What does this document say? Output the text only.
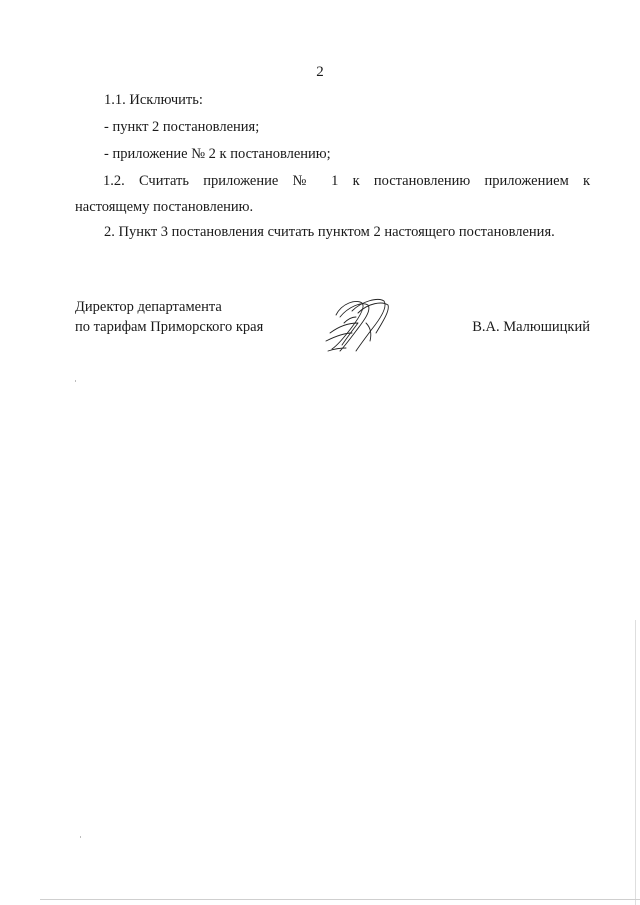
2
1.1. Исключить:
- пункт 2 постановления;
- приложение № 2 к постановлению;
1.2. Считать приложение № 1 к постановлению приложением к
настоящему постановлению.
2. Пункт 3 постановления считать пунктом 2 настоящего постановления.
Директор департамента
по тарифам Приморского края	В.А. Малюшицкий
